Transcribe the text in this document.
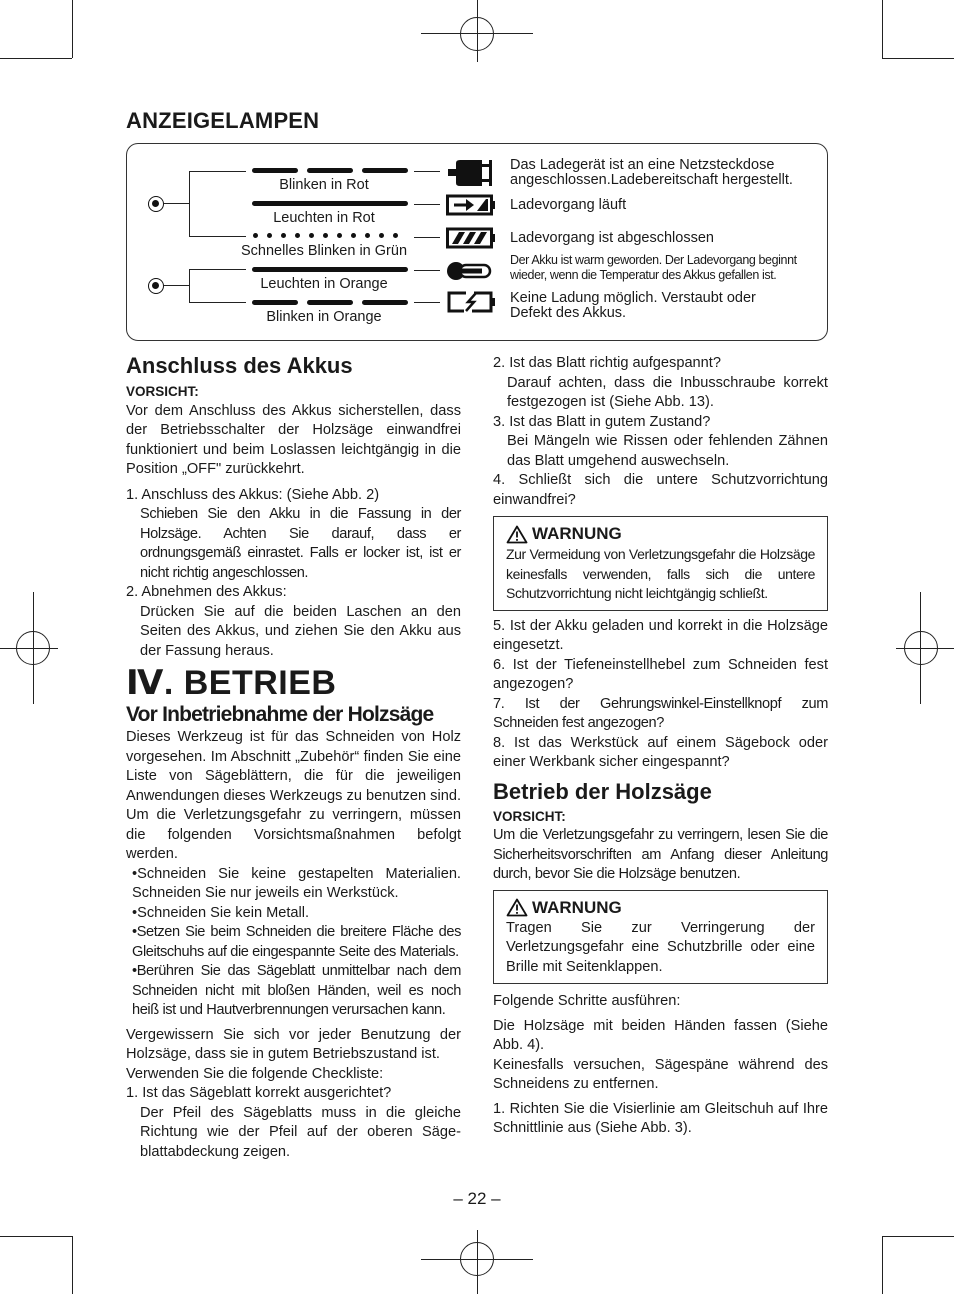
ANZEIGELAMPEN
Blinken in Rot
Leuchten in Rot
Schnelles Blinken in Grün
Leuchten in Orange
Blinken in Orange
Das Ladegerät ist an eine Netzsteckdose angeschlossen.Ladebereitschaft hergestellt.
Ladevorgang läuft
Ladevorgang ist abgeschlossen
Der Akku ist warm geworden. Der Ladevorgang beginnt wieder, wenn die Temperatur des Akkus gefallen ist.
Keine Ladung möglich. Verstaubt oder Defekt des Akkus.
Anschluss des Akkus
VORSICHT:

Vor dem Anschluss des Akkus sicherstellen, dass der Betriebsschalter der Holzsäge einwandfrei funktioniert und beim Loslassen leichtgängig in die Position „OFF" zurückkehrt.

1. Anschluss des Akkus: (Siehe Abb. 2)

Schieben Sie den Akku in die Fassung in der Holzsäge. Achten Sie darauf, dass er ordnungsgemäß einrastet. Falls er locker ist, ist er nicht richtig angeschlossen.

2. Abnehmen des Akkus:

Drücken Sie auf die beiden Laschen an den Seiten des Akkus, und ziehen Sie den Akku aus der Fassung heraus.

Ⅳ. BETRIEB
Vor Inbetriebnahme der Holzsäge

Dieses Werkzeug ist für das Schneiden von Holz vorgesehen. Im Abschnitt „Zubehör“ finden Sie eine Liste von Sägeblättern, die für die jeweiligen Anwendungen dieses Werkzeugs zu benutzen sind. Um die Verletzungsgefahr zu verringern, müssen die folgenden Vorsichtsmaßnahmen befolgt werden.

•Schneiden Sie keine gestapelten Materialien. Schneiden Sie nur jeweils ein Werkstück.

•Schneiden Sie kein Metall.

•Setzen Sie beim Schneiden die breitere Fläche des Gleitschuhs auf die eingespannte Seite des Materials.

•Berühren Sie das Sägeblatt unmittelbar nach dem Schneiden nicht mit bloßen Händen, weil es noch heiß ist und Hautverbrennungen verursachen kann.

Vergewissern Sie sich vor jeder Benutzung der Holzsäge, dass sie in gutem Betriebszustand ist.

Verwenden Sie die folgende Checkliste:
1. Ist das Sägeblatt korrekt ausgerichtet?

Der Pfeil des Sägeblatts muss in die gleiche Richtung wie der Pfeil auf der oberen Säge-blattabdeckung zeigen.

2. Ist das Blatt richtig aufgespannt?

Darauf achten, dass die Inbusschraube korrekt festgezogen ist (Siehe Abb. 13).

3. Ist das Blatt in gutem Zustand?

Bei Mängeln wie Rissen oder fehlenden Zähnen das Blatt umgehend auswechseln.

4. Schließt sich die untere Schutzvorrichtung einwandfrei?

WARNUNG

Zur Vermeidung von Verletzungsgefahr die Holzsäge keinesfalls verwenden, falls sich die untere Schutzvorrichtung nicht leichtgängig schließt.

5. Ist der Akku geladen und korrekt in die Holzsäge eingesetzt.

6. Ist der Tiefeneinstellhebel zum Schneiden fest angezogen?

7. Ist der Gehrungswinkel-Einstellknopf zum Schneiden fest angezogen?

8. Ist das Werkstück auf einem Sägebock oder einer Werkbank sicher eingespannt?

Betrieb der Holzsäge
VORSICHT:

Um die Verletzungsgefahr zu verringern, lesen Sie die Sicherheitsvorschriften am Anfang dieser Anleitung durch, bevor Sie die Holzsäge benutzen.

WARNUNG

Tragen Sie zur Verringerung der Verletzungsgefahr eine Schutzbrille oder eine Brille mit Seitenklappen.

Folgende Schritte ausführen:

Die Holzsäge mit beiden Händen fassen (Siehe Abb. 4).

Keinesfalls versuchen, Sägespäne während des Schneidens zu entfernen.

1. Richten Sie die Visierlinie am Gleitschuh auf Ihre Schnittlinie aus (Siehe Abb. 3).

– 22 –
